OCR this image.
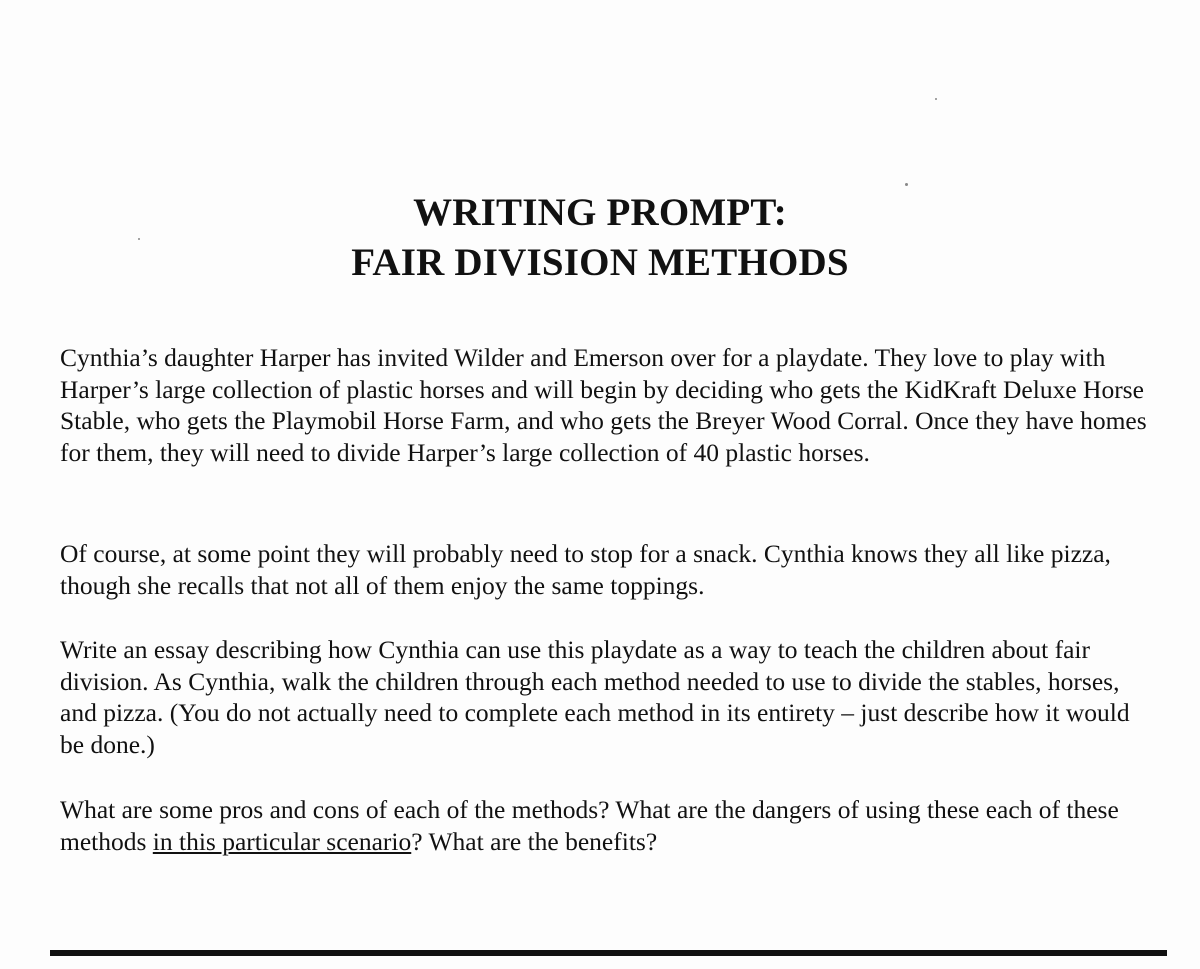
WRITING PROMPT:
FAIR DIVISION METHODS

Cynthia’s daughter Harper has invited Wilder and Emerson over for a playdate. They love to play with Harper’s large collection of plastic horses and will begin by deciding who gets the KidKraft Deluxe Horse Stable, who gets the Playmobil Horse Farm, and who gets the Breyer Wood Corral. Once they have homes for them, they will need to divide Harper’s large collection of 40 plastic horses.

Of course, at some point they will probably need to stop for a snack. Cynthia knows they all like pizza, though she recalls that not all of them enjoy the same toppings.

Write an essay describing how Cynthia can use this playdate as a way to teach the children about fair division. As Cynthia, walk the children through each method needed to use to divide the stables, horses, and pizza. (You do not actually need to complete each method in its entirety – just describe how it would be done.)

What are some pros and cons of each of the methods? What are the dangers of using these each of these methods in this particular scenario? What are the benefits?
